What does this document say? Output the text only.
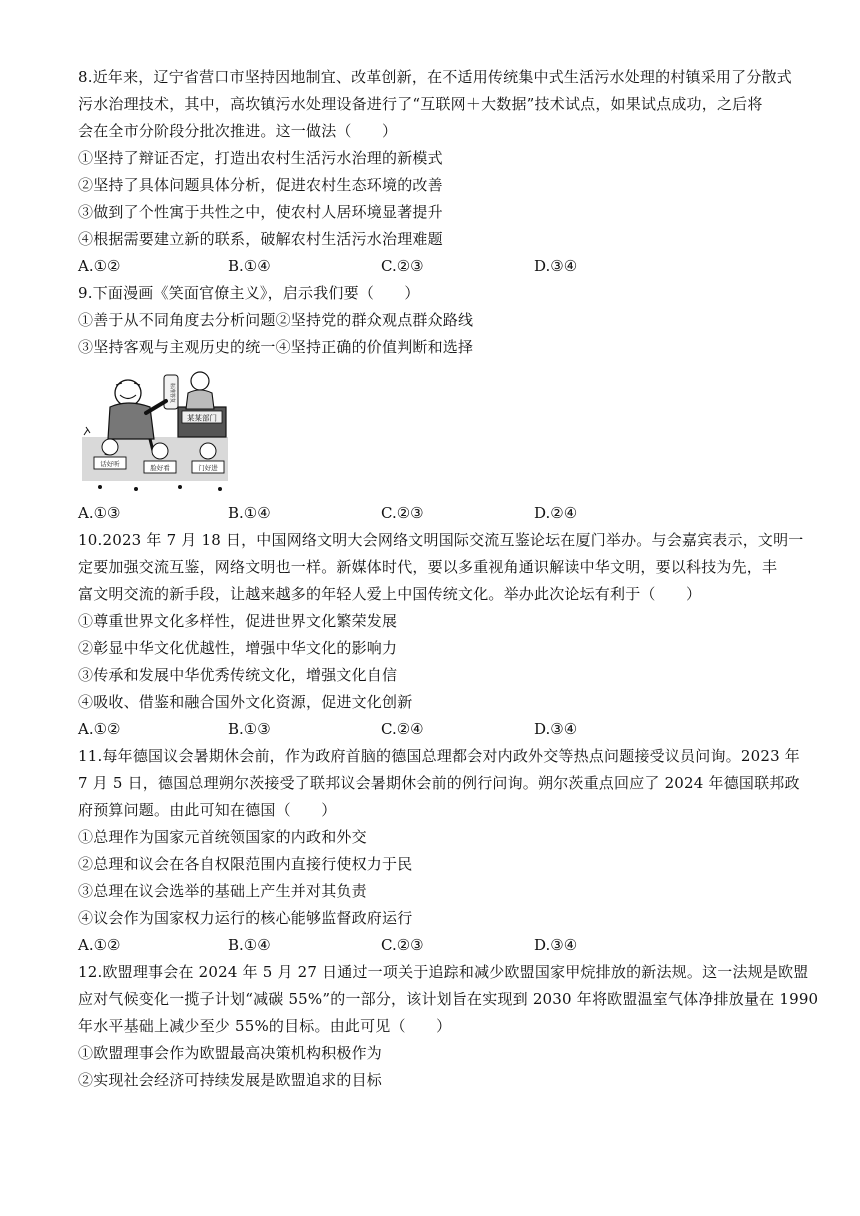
8.近年来，辽宁省营口市坚持因地制宜、改革创新，在不适用传统集中式生活污水处理的村镇采用了分散式
污水治理技术，其中，高坎镇污水处理设备进行了“互联网＋大数据”技术试点，如果试点成功，之后将
会在全市分阶段分批次推进。这一做法（　　）
①坚持了辩证否定，打造出农村生活污水治理的新模式
②坚持了具体问题具体分析，促进农村生态环境的改善
③做到了个性寓于共性之中，使农村人居环境显著提升
④根据需要建立新的联系，破解农村生活污水治理难题
A.①②	B.①④	C.②③	D.③④
9.下面漫画《笑面官僚主义》，启示我们要（　　）
①善于从不同角度去分析问题②坚持党的群众观点群众路线
③坚持客观与主观历史的统一④坚持正确的价值判断和选择
某某部门
标准答复
话好听	脸好看	门好进
A.①③	B.①④	C.②③	D.②④
10.2023 年 7 月 18 日，中国网络文明大会网络文明国际交流互鉴论坛在厦门举办。与会嘉宾表示，文明一
定要加强交流互鉴，网络文明也一样。新媒体时代，要以多重视角通识解读中华文明，要以科技为先，丰
富文明交流的新手段，让越来越多的年轻人爱上中国传统文化。举办此次论坛有利于（　　）
①尊重世界文化多样性，促进世界文化繁荣发展
②彰显中华文化优越性，增强中华文化的影响力
③传承和发展中华优秀传统文化，增强文化自信
④吸收、借鉴和融合国外文化资源，促进文化创新
A.①②	B.①③	C.②④	D.③④
11.每年德国议会暑期休会前，作为政府首脑的德国总理都会对内政外交等热点问题接受议员问询。2023 年
7 月 5 日，德国总理朔尔茨接受了联邦议会暑期休会前的例行问询。朔尔茨重点回应了 2024 年德国联邦政
府预算问题。由此可知在德国（　　）
①总理作为国家元首统领国家的内政和外交
②总理和议会在各自权限范围内直接行使权力于民
③总理在议会选举的基础上产生并对其负责
④议会作为国家权力运行的核心能够监督政府运行
A.①②	B.①④	C.②③	D.③④
12.欧盟理事会在 2024 年 5 月 27 日通过一项关于追踪和减少欧盟国家甲烷排放的新法规。这一法规是欧盟
应对气候变化一揽子计划“减碳 55%”的一部分，该计划旨在实现到 2030 年将欧盟温室气体净排放量在 1990
年水平基础上减少至少 55%的目标。由此可见（　　）
①欧盟理事会作为欧盟最高决策机构积极作为
②实现社会经济可持续发展是欧盟追求的目标
